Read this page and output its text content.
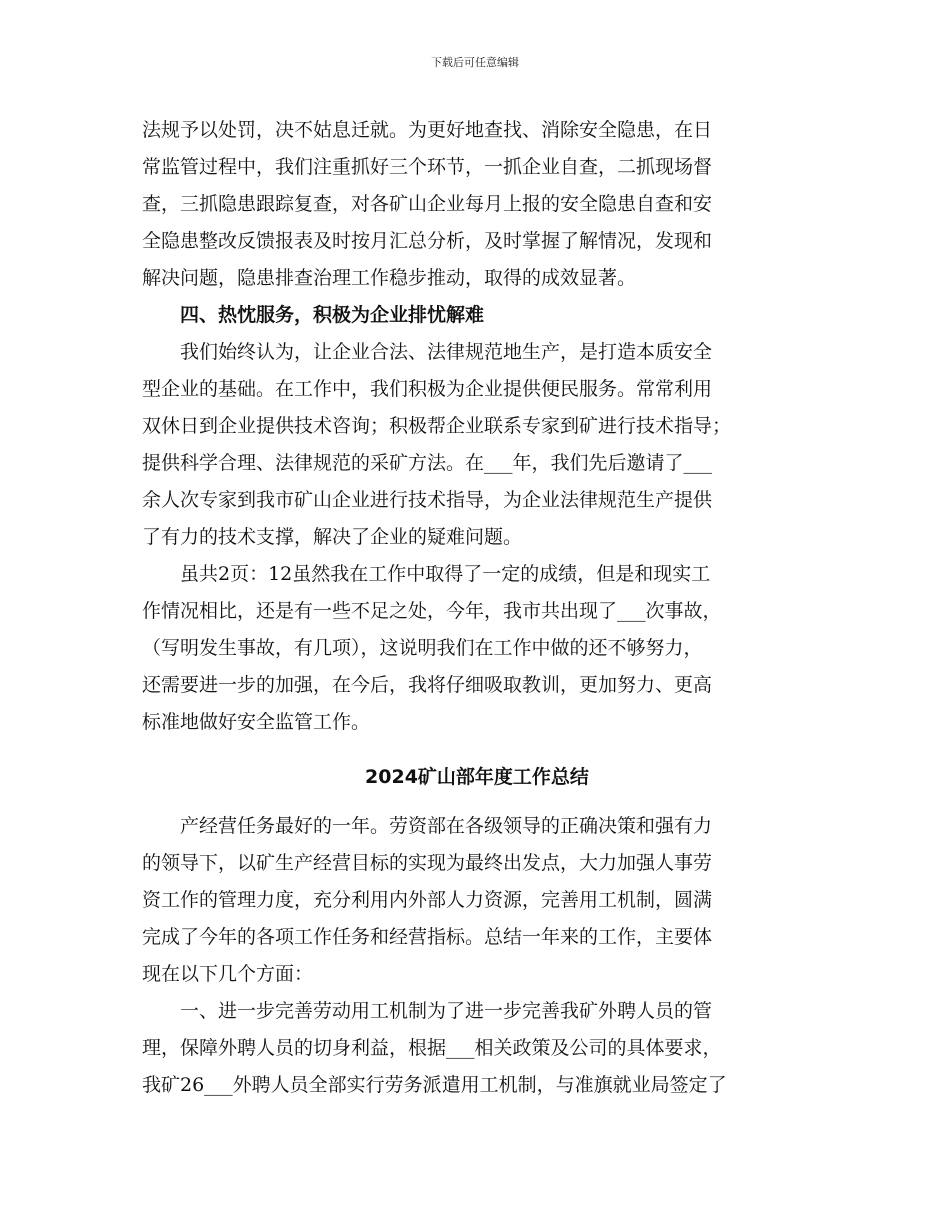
下载后可任意编辑
法规予以处罚，决不姑息迁就。为更好地查找、消除安全隐患，在日
常监管过程中，我们注重抓好三个环节，一抓企业自查，二抓现场督
查，三抓隐患跟踪复查，对各矿山企业每月上报的安全隐患自查和安
全隐患整改反馈报表及时按月汇总分析，及时掌握了解情况，发现和
解决问题，隐患排查治理工作稳步推动，取得的成效显著。
　　四、热忱服务，积极为企业排忧解难
　　我们始终认为，让企业合法、法律规范地生产，是打造本质安全
型企业的基础。在工作中，我们积极为企业提供便民服务。常常利用
双休日到企业提供技术咨询；积极帮企业联系专家到矿进行技术指导；
提供科学合理、法律规范的采矿方法。在___年，我们先后邀请了___
余人次专家到我市矿山企业进行技术指导，为企业法律规范生产提供
了有力的技术支撑，解决了企业的疑难问题。
　　虽共2页：12虽然我在工作中取得了一定的成绩，但是和现实工
作情况相比，还是有一些不足之处，今年，我市共出现了___次事故，
（写明发生事故，有几项），这说明我们在工作中做的还不够努力，
还需要进一步的加强，在今后，我将仔细吸取教训，更加努力、更高
标准地做好安全监管工作。
2024矿山部年度工作总结
　　产经营任务最好的一年。劳资部在各级领导的正确决策和强有力
的领导下，以矿生产经营目标的实现为最终出发点，大力加强人事劳
资工作的管理力度，充分利用内外部人力资源，完善用工机制，圆满
完成了今年的各项工作任务和经营指标。总结一年来的工作，主要体
现在以下几个方面：
　　一、进一步完善劳动用工机制为了进一步完善我矿外聘人员的管
理，保障外聘人员的切身利益，根据___相关政策及公司的具体要求，
我矿26___外聘人员全部实行劳务派遣用工机制，与准旗就业局签定了
